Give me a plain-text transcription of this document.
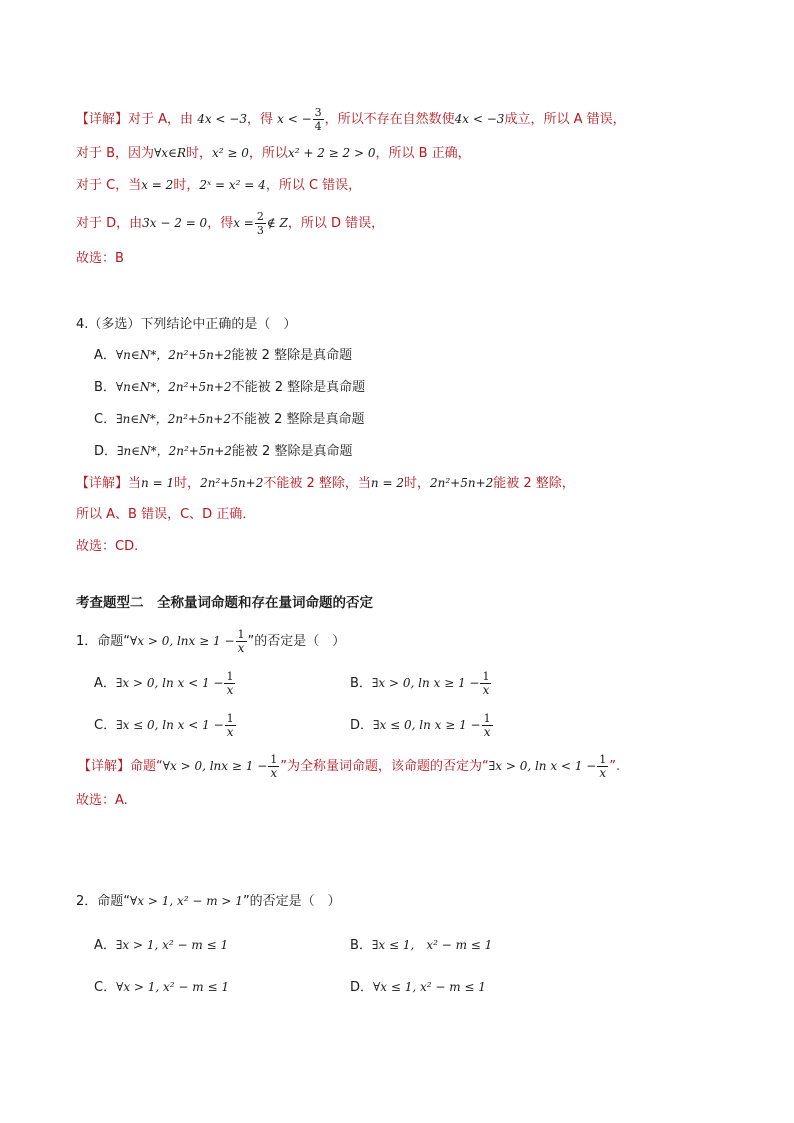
【详解】对于 A，由 4x < −3，得 x < − $\frac{3}{4}$ ，所以不存在自然数使4x < −3成立，所以 A 错误，
对于 B，因为∀x∈R时，x² ≥ 0，所以x² + 2 ≥ 2 > 0，所以 B 正确，
对于 C，当x = 2时，2ˣ = x² = 4，所以 C 错误，
对于 D，由3x − 2 = 0，得$x = \frac{2}{3}$ ∉ Z，所以 D 错误，
故选：B
4.（多选）下列结论中正确的是（　）
A．∀n∈N*，2n²+5n+2能被 2 整除是真命题
B．∀n∈N*，2n²+5n+2不能被 2 整除是真命题
C．∃n∈N*，2n²+5n+2不能被 2 整除是真命题
D．∃n∈N*，2n²+5n+2能被 2 整除是真命题
【详解】当n = 1时，2n²+5n+2不能被 2 整除，当n = 2时，2n²+5n+2能被 2 整除，
所以 A、B 错误，C、D 正确．
故选：CD.
考查题型二　全称量词命题和存在量词命题的否定
1．命题“∀x > 0, $\ln x \ge 1 - \frac{1}{x}$ ”的否定是（　）
A．∃x > 0, $\ln x < 1 - \frac{1}{x}$	B．∃x > 0, $\ln x \ge 1 - \frac{1}{x}$
C．∃x ≤ 0, $\ln x < 1 - \frac{1}{x}$	D．∃x ≤ 0, $\ln x \ge 1 - \frac{1}{x}$
【详解】命题“∀x > 0, $\ln x \ge 1 - \frac{1}{x}$ ”为全称量词命题，该命题的否定为“∃x > 0, $\ln x < 1 - \frac{1}{x}$ ”.
故选：A.
2．命题“∀x > 1, x² − m > 1”的否定是（　）
A．∃x > 1, x² − m ≤ 1	B．∃x ≤ 1,　x² − m ≤ 1
C．∀x > 1, x² − m ≤ 1	D．∀x ≤ 1, x² − m ≤ 1
